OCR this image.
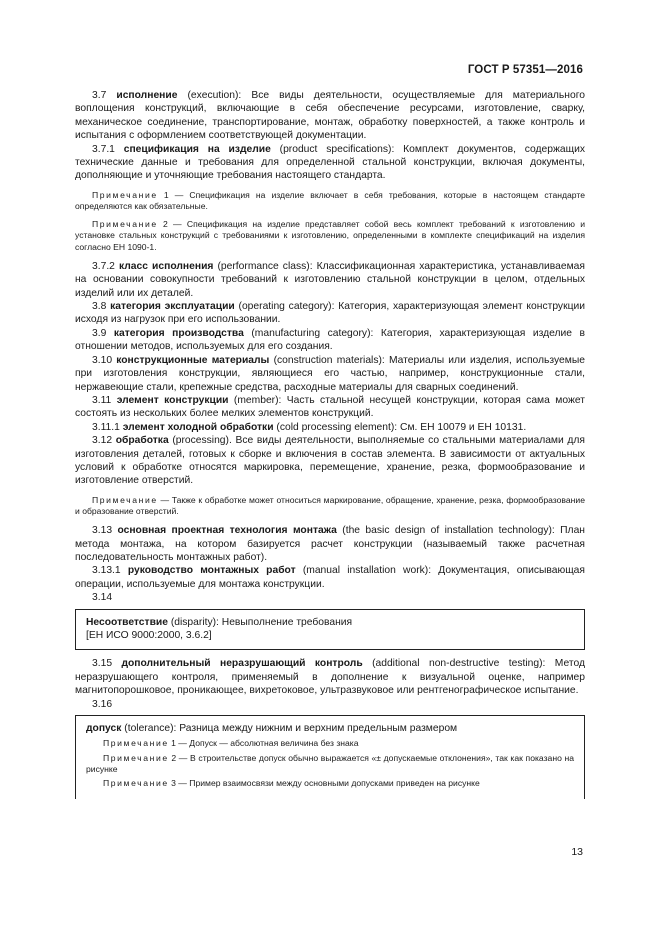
ГОСТ Р 57351—2016

3.7 исполнение (execution): Все виды деятельности, осуществляемые для материального воплощения конструкций, включающие в себя обеспечение ресурсами, изготовление, сварку, механическое соединение, транспортирование, монтаж, обработку поверхностей, а также контроль и испытания с оформлением соответствующей документации.

3.7.1 спецификация на изделие (product specifications): Комплект документов, содержащих технические данные и требования для определенной стальной конструкции, включая документы, дополняющие и уточняющие требования настоящего стандарта.

Примечание 1 — Спецификация на изделие включает в себя требования, которые в настоящем стандарте определяются как обязательные.

Примечание 2 — Спецификация на изделие представляет собой весь комплект требований к изготовлению и установке стальных конструкций с требованиями к изготовлению, определенными в комплекте спецификаций на изделия согласно ЕН 1090-1.

3.7.2 класс исполнения (performance class): Классификационная характеристика, устанавливаемая на основании совокупности требований к изготовлению стальной конструкции в целом, отдельных изделий или их деталей.

3.8 категория эксплуатации (operating category): Категория, характеризующая элемент конструкции исходя из нагрузок при его использовании.

3.9 категория производства (manufacturing category): Категория, характеризующая изделие в отношении методов, используемых для его создания.

3.10 конструкционные материалы (construction materials): Материалы или изделия, используемые при изготовления конструкции, являющиеся его частью, например, конструкционные стали, нержавеющие стали, крепежные средства, расходные материалы для сварных соединений.

3.11 элемент конструкции (member): Часть стальной несущей конструкции, которая сама может состоять из нескольких более мелких элементов конструкций.

3.11.1 элемент холодной обработки (cold processing element): См. ЕН 10079 и ЕН 10131.

3.12 обработка (processing). Все виды деятельности, выполняемые со стальными материалами для изготовления деталей, готовых к сборке и включения в состав элемента. В зависимости от актуальных условий к обработке относятся маркировка, перемещение, хранение, резка, формообразование и изготовление отверстий.

Примечание — Также к обработке может относиться маркирование, обращение, хранение, резка, формообразование и образование отверстий.

3.13 основная проектная технология монтажа (the basic design of installation technology): План метода монтажа, на котором базируется расчет конструкции (называемый также расчетная последовательность монтажных работ).

3.13.1 руководство монтажных работ (manual installation work): Документация, описывающая операции, используемые для монтажа конструкции.

3.14

Несоответствие (disparity): Невыполнение требования

[ЕН ИСО 9000:2000, 3.6.2]

3.15 дополнительный неразрушающий контроль (additional non-destructive testing): Метод неразрушающего контроля, применяемый в дополнение к визуальной оценке, например магнитопорошковое, проникающее, вихретоковое, ультразвуковое или рентгенографическое испытание.

3.16

допуск (tolerance): Разница между нижним и верхним предельным размером

Примечание 1 — Допуск — абсолютная величина без знака

Примечание 2 — В строительстве допуск обычно выражается «± допускаемые отклонения», так как показано на рисунке

Примечание 3 — Пример взаимосвязи между основными допусками приведен на рисунке

13
